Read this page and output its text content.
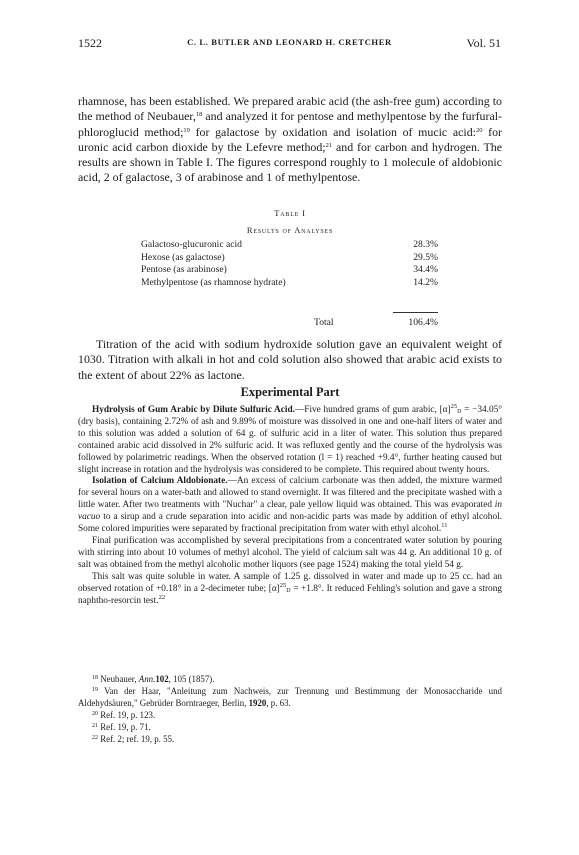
1522	C. L. BUTLER AND LEONARD H. CRETCHER	Vol. 51
rhamnose, has been established. We prepared arabic acid (the ash-free gum) according to the method of Neubauer,$^{18}$ and analyzed it for pentose and methylpentose by the furfural-phloroglucid method;$^{19}$ for galactose by oxidation and isolation of mucic acid:$^{20}$ for uronic acid carbon dioxide by the Lefevre method;$^{21}$ and for carbon and hydrogen. The results are shown in Table I. The figures correspond roughly to 1 molecule of aldobionic acid, 2 of galactose, 3 of arabinose and 1 of methylpentose.
Table I
Results of Analyses
Galactoso-glucuronic acid	28.3%
Hexose (as galactose)	29.5%
Pentose (as arabinose)	34.4%
Methylpentose (as rhamnose hydrate)	14.2%
Total	106.4%
Titration of the acid with sodium hydroxide solution gave an equivalent weight of 1030. Titration with alkali in hot and cold solution also showed that arabic acid exists to the extent of about 22% as lactone.
Experimental Part

Hydrolysis of Gum Arabic by Dilute Sulfuric Acid.—Five hundred grams of gum arabic, $[\alpha]^{25}D = -34.05^\circ$ (dry basis), containing 2.72% of ash and 9.89% of moisture was dissolved in one and one-half liters of water and to this solution was added a solution of 64 g. of sulfuric acid in a liter of water. This solution thus prepared contained arabic acid dissolved in 2% sulfuric acid. It was refluxed gently and the course of the hydrolysis was followed by polarimetric readings. When the observed rotation (l = 1) reached +9.4°, further heating caused but slight increase in rotation and the hydrolysis was considered to be complete. This required about twenty hours.

Isolation of Calcium Aldobionate.—An excess of calcium carbonate was then added, the mixture warmed for several hours on a water-bath and allowed to stand overnight. It was filtered and the precipitate washed with a little water. After two treatments with "Nuchar" a clear, pale yellow liquid was obtained. This was evaporated in vacuo to a sirup and a crude separation into acidic and non-acidic parts was made by addition of ethyl alcohol. Some colored impurities were separated by fractional precipitation from water with ethyl alcohol.$^{11}$

Final purification was accomplished by several precipitations from a concentrated water solution by pouring with stirring into about 10 volumes of methyl alcohol. The yield of calcium salt was 44 g. An additional 10 g. of salt was obtained from the methyl alcoholic mother liquors (see page 1524) making the total yield 54 g.

This salt was quite soluble in water. A sample of 1.25 g. dissolved in water and made up to 25 cc. had an observed rotation of +0.18° in a 2-decimeter tube; $[\alpha]^{25}D = +1.8^\circ$. It reduced Fehling's solution and gave a strong naphtho-resorcin test.$^{22}$

$^{18}$ Neubauer, Ann.102, 105 (1857).

$^{19}$ Van der Haar, "Anleitung zum Nachweis, zur Trennung und Bestimmung der Monosaccharide und Aldehydsäuren," Gebrüder Borntraeger, Berlin, 1920, p. 63.

$^{20}$ Ref. 19, p. 123.

$^{21}$ Ref. 19, p. 71.

$^{22}$ Ref. 2; ref. 19, p. 55.
